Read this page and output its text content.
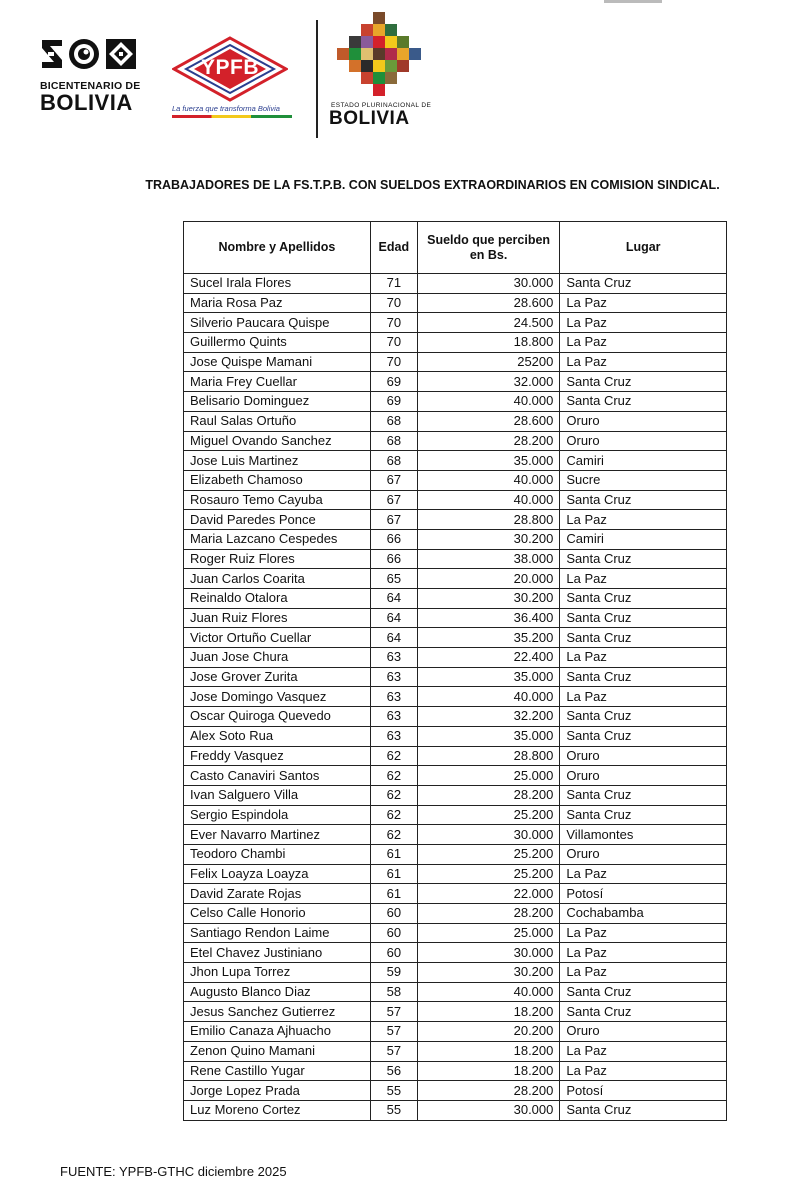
BICENTENARIO DE
BOLIVIA
YPFB
La fuerza que transforma Bolivia	ESTADO PLURINACIONAL DE
BOLIVIA
TRABAJADORES DE LA FS.T.P.B. CON SUELDOS EXTRAORDINARIOS EN COMISION SINDICAL.
Nombre y Apellidos	Edad	Sueldo que perciben en Bs.	Lugar
Sucel Irala Flores	71	30.000	Santa Cruz
Maria Rosa Paz	70	28.600	La Paz
Silverio Paucara Quispe	70	24.500	La Paz
Guillermo Quints	70	18.800	La Paz
Jose Quispe Mamani	70	25200	La Paz
Maria Frey Cuellar	69	32.000	Santa Cruz
Belisario Dominguez	69	40.000	Santa Cruz
Raul Salas Ortuño	68	28.600	Oruro
Miguel Ovando Sanchez	68	28.200	Oruro
Jose Luis Martinez	68	35.000	Camiri
Elizabeth Chamoso	67	40.000	Sucre
Rosauro Temo Cayuba	67	40.000	Santa Cruz
David Paredes Ponce	67	28.800	La Paz
Maria Lazcano Cespedes	66	30.200	Camiri
Roger Ruiz Flores	66	38.000	Santa Cruz
Juan Carlos Coarita	65	20.000	La Paz
Reinaldo Otalora	64	30.200	Santa Cruz
Juan Ruiz Flores	64	36.400	Santa Cruz
Victor Ortuño Cuellar	64	35.200	Santa Cruz
Juan Jose Chura	63	22.400	La Paz
Jose Grover Zurita	63	35.000	Santa Cruz
Jose Domingo Vasquez	63	40.000	La Paz
Oscar Quiroga Quevedo	63	32.200	Santa Cruz
Alex Soto Rua	63	35.000	Santa Cruz
Freddy Vasquez	62	28.800	Oruro
Casto Canaviri Santos	62	25.000	Oruro
Ivan Salguero Villa	62	28.200	Santa Cruz
Sergio Espindola	62	25.200	Santa Cruz
Ever Navarro Martinez	62	30.000	Villamontes
Teodoro Chambi	61	25.200	Oruro
Felix Loayza Loayza	61	25.200	La Paz
David Zarate Rojas	61	22.000	Potosí
Celso Calle Honorio	60	28.200	Cochabamba
Santiago Rendon Laime	60	25.000	La Paz
Etel Chavez Justiniano	60	30.000	La Paz
Jhon Lupa Torrez	59	30.200	La Paz
Augusto Blanco Diaz	58	40.000	Santa Cruz
Jesus Sanchez Gutierrez	57	18.200	Santa Cruz
Emilio Canaza Ajhuacho	57	20.200	Oruro
Zenon Quino Mamani	57	18.200	La Paz
Rene Castillo Yugar	56	18.200	La Paz
Jorge Lopez Prada	55	28.200	Potosí
Luz Moreno Cortez	55	30.000	Santa Cruz
FUENTE: YPFB-GTHC diciembre 2025
